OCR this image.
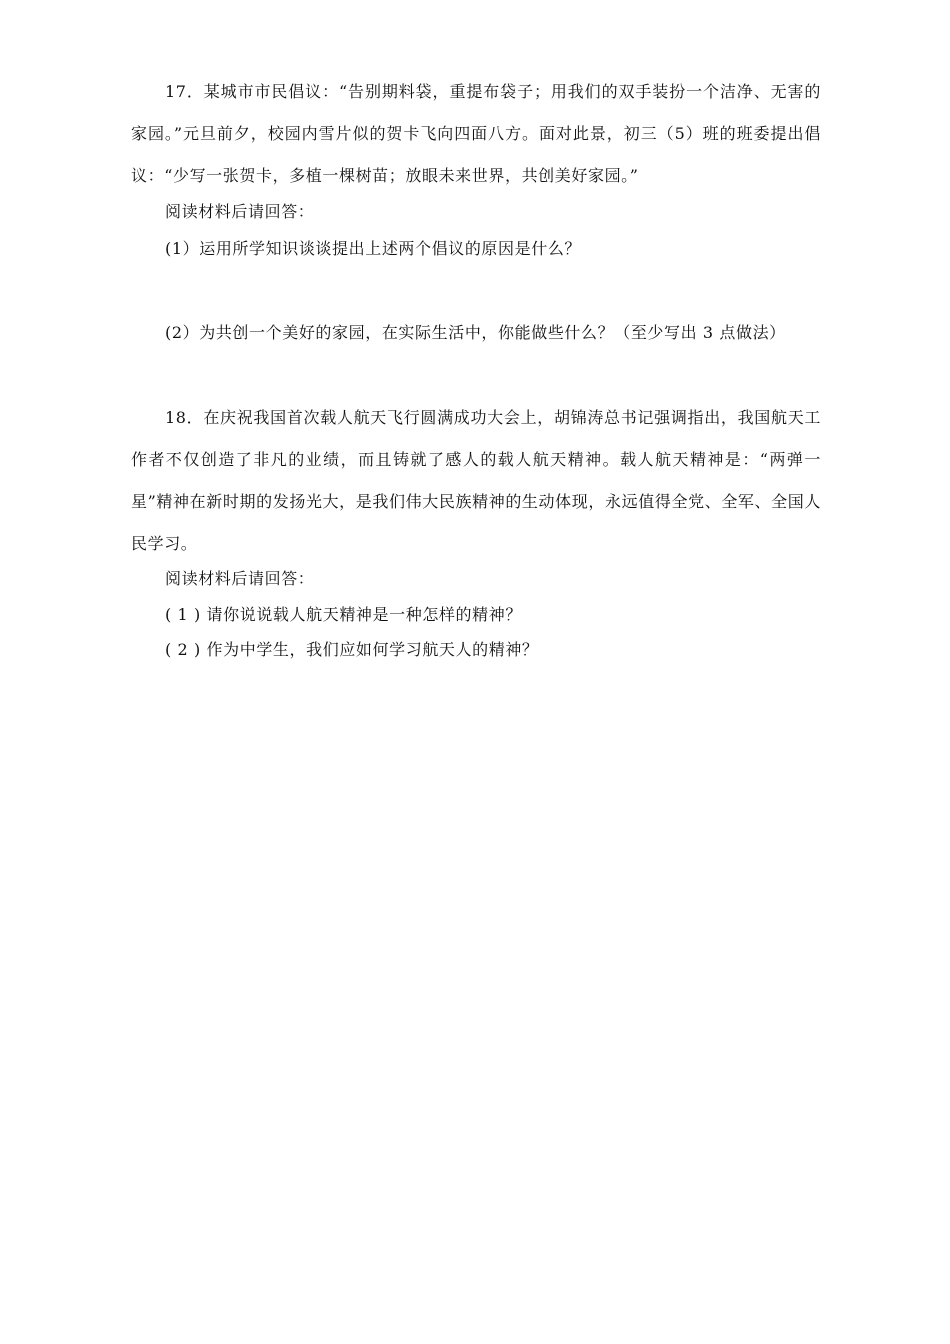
17．某城市市民倡议：“告别期料袋，重提布袋子；用我们的双手装扮一个洁净、无害的家园。”元旦前夕，校园内雪片似的贺卡飞向四面八方。面对此景，初三（5）班的班委提出倡议：“少写一张贺卡，多植一棵树苗；放眼未来世界，共创美好家园。”

阅读材料后请回答：

(1）运用所学知识谈谈提出上述两个倡议的原因是什么？

(2）为共创一个美好的家园，在实际生活中，你能做些什么？（至少写出 3 点做法）

18．在庆祝我国首次载人航天飞行圆满成功大会上，胡锦涛总书记强调指出，我国航天工作者不仅创造了非凡的业绩，而且铸就了感人的载人航天精神。载人航天精神是：“两弹一星”精神在新时期的发扬光大，是我们伟大民族精神的生动体现，永远值得全党、全军、全国人民学习。

阅读材料后请回答：

( 1 ) 请你说说载人航天精神是一种怎样的精神？

( 2 ) 作为中学生，我们应如何学习航天人的精神？
